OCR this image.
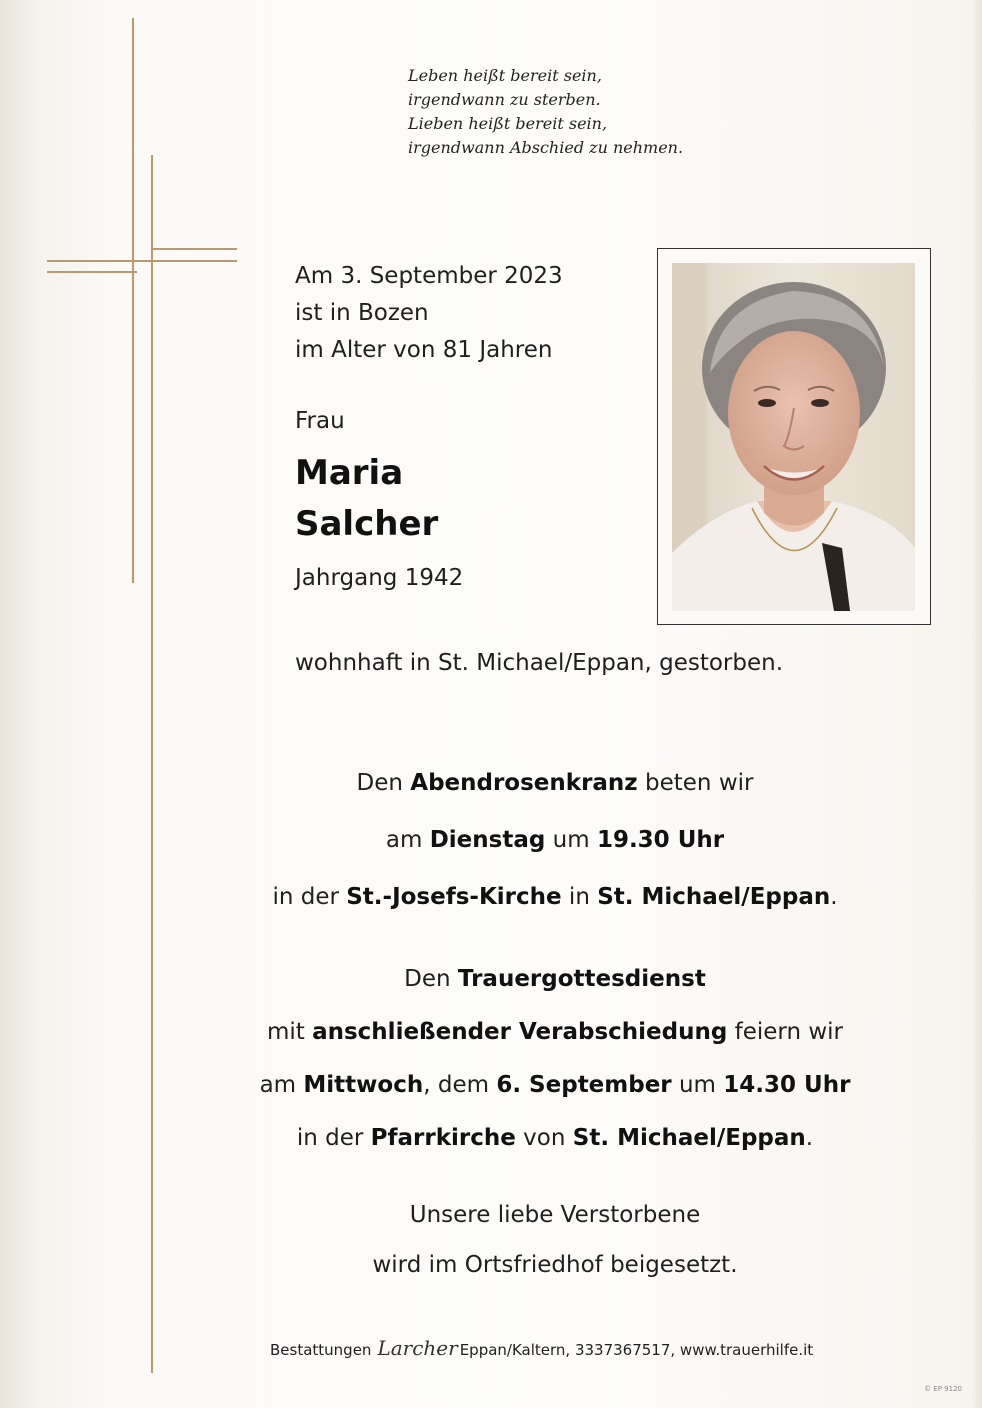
Leben heißt bereit sein,
irgendwann zu sterben.
Lieben heißt bereit sein,
irgendwann Abschied zu nehmen.
Am 3. September 2023
ist in Bozen
im Alter von 81 Jahren
Frau
Maria
Salcher
Jahrgang 1942
wohnhaft in St. Michael/Eppan, gestorben.
Den Abendrosenkranz beten wir
am Dienstag um 19.30 Uhr
in der St.-Josefs-Kirche in St. Michael/Eppan.
Den Trauergottesdienst
mit anschließender Verabschiedung feiern wir
am Mittwoch, dem 6. September um 14.30 Uhr
in der Pfarrkirche von St. Michael/Eppan.
Unsere liebe Verstorbene
wird im Ortsfriedhof beigesetzt.
Bestattungen Larcher Eppan/Kaltern, 3337367517, www.trauerhilfe.it
© EP 9120
